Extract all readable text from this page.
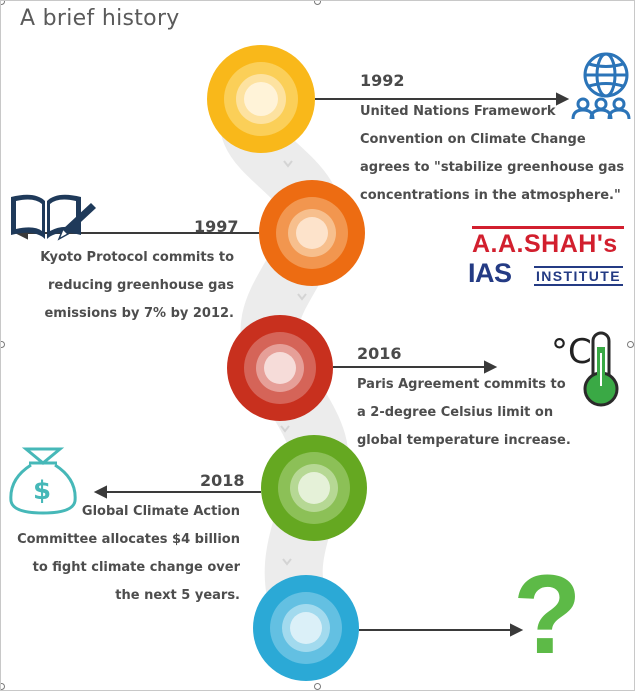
°C
$
?
A brief history
1992
United Nations Framework
Convention on Climate Change
agrees to "stabilize greenhouse gas
concentrations in the atmosphere."
1997
Kyoto Protocol commits to
reducing greenhouse gas
emissions by 7% by 2012.
2016
Paris Agreement commits to
a 2-degree Celsius limit on
global temperature increase.
2018
Global Climate Action
Committee allocates $4 billion
to fight climate change over
the next 5 years.
A.A.SHAH's
IAS INSTITUTE
